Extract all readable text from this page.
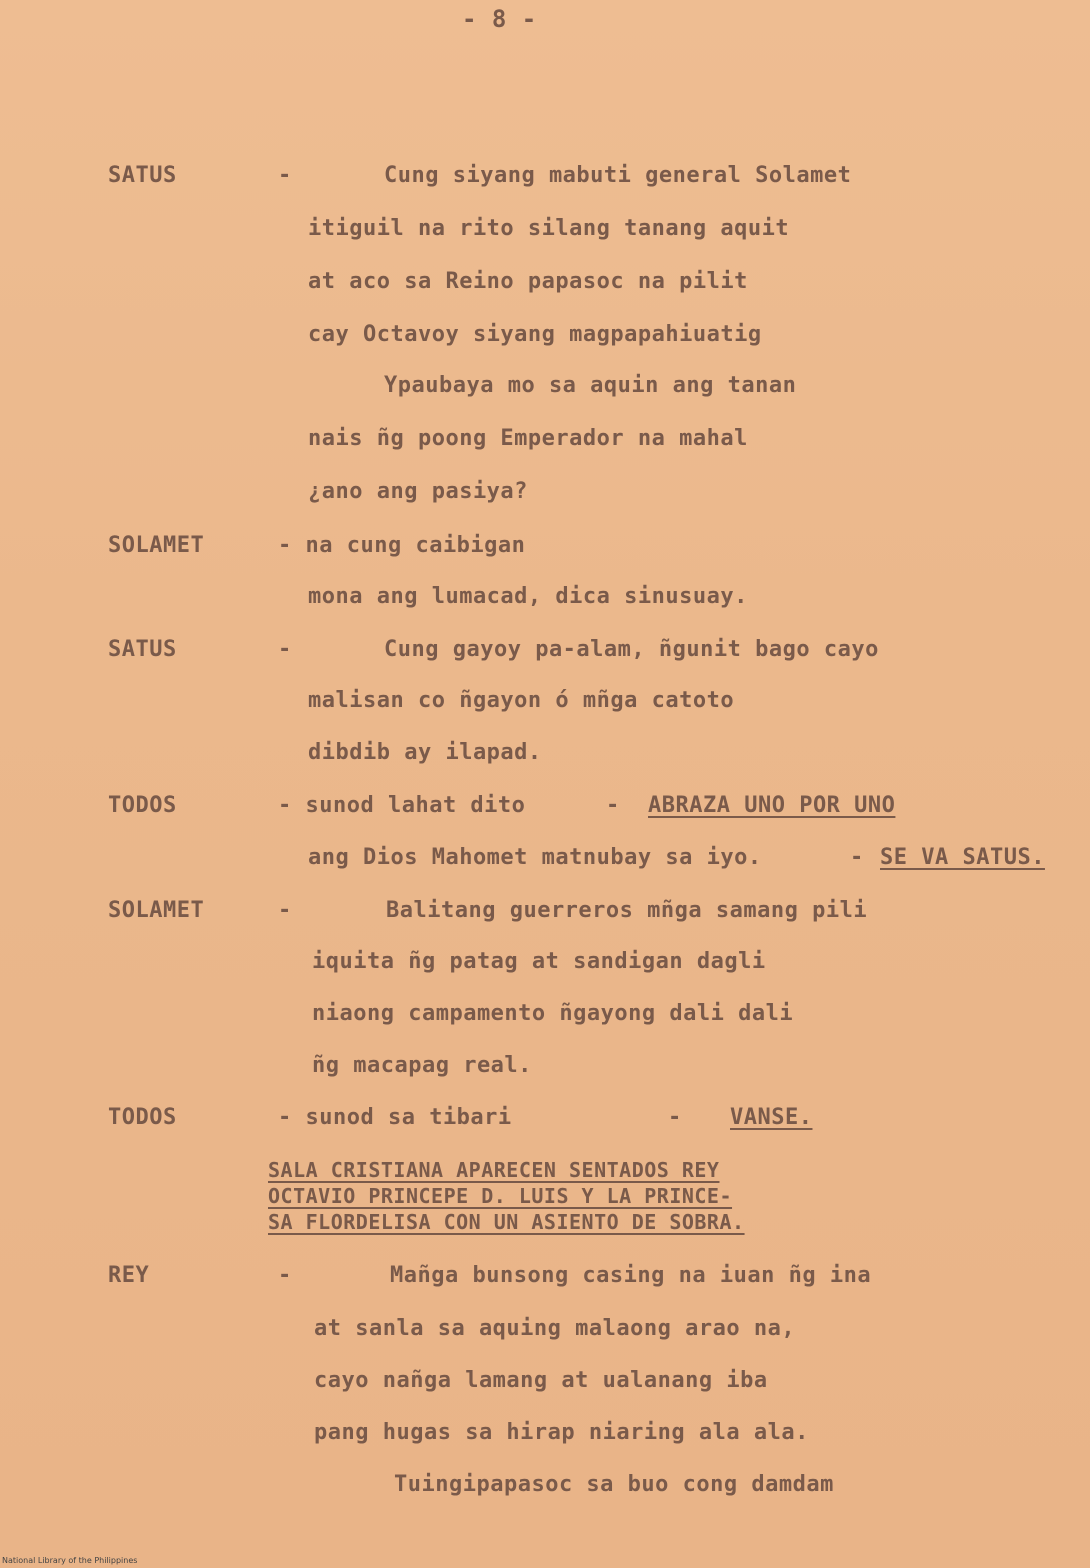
- 8 -
SATUS	-	Cung siyang mabuti general Solamet
itiguil na rito silang tanang aquit
at aco sa Reino papasoc na pilit
cay Octavoy siyang magpapahiuatig
Ypaubaya mo sa aquin ang tanan
nais ñg poong Emperador na mahal
¿ano ang pasiya?
SOLAMET	- na cung caibigan
mona ang lumacad, dica sinusuay.
SATUS	-	Cung gayoy pa-alam, ñgunit bago cayo
malisan co ñgayon ó mñga catoto
dibdib ay ilapad.
TODOS	- sunod lahat dito	- ABRAZA UNO POR UNO
ang Dios Mahomet matnubay sa iyo.	- SE VA SATUS.
SOLAMET	-	Balitang guerreros mñga samang pili
iquita ñg patag at sandigan dagli
niaong campamento ñgayong dali dali
ñg macapag real.
TODOS	- sunod sa tibari	- VANSE.
SALA CRISTIANA APARECEN SENTADOS REY
OCTAVIO PRINCEPE D. LUIS Y LA PRINCE-
SA FLORDELISA CON UN ASIENTO DE SOBRA.
REY	-	Mañga bunsong casing na iuan ñg ina
at sanla sa aquing malaong arao na,
cayo nañga lamang at ualanang iba
pang hugas sa hirap niaring ala ala.
Tuingipapasoc sa buo cong damdam
National Library of the Philippines
